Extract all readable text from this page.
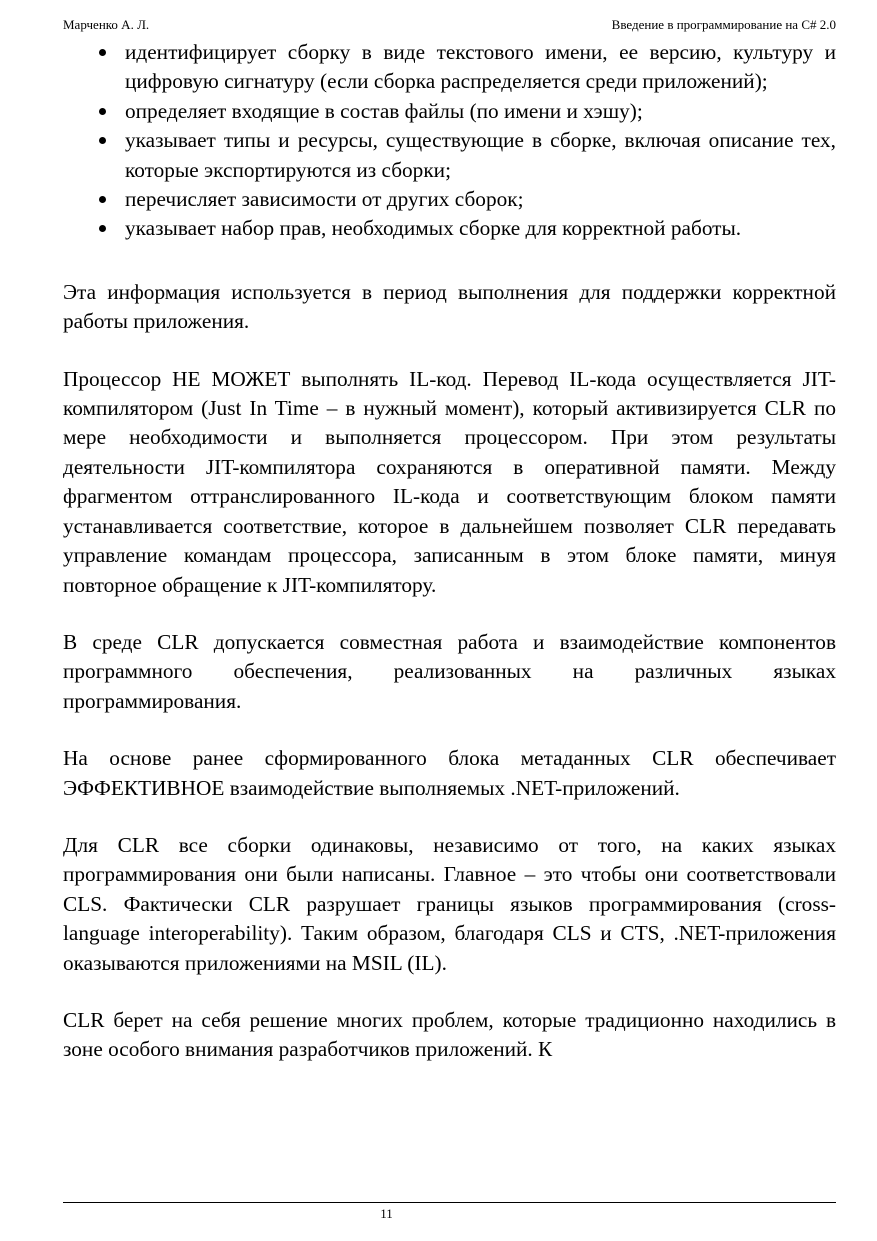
Марченко А. Л.	Введение в программирование на C# 2.0
идентифицирует сборку в виде текстового имени, ее версию, культуру и цифровую сигнатуру (если сборка распределяется среди приложений);
определяет входящие в состав файлы (по имени и хэшу);
указывает типы и ресурсы, существующие в сборке, включая описание тех, которые экспортируются из сборки;
перечисляет зависимости от других сборок;
указывает набор прав, необходимых сборке для корректной работы.

Эта информация используется в период выполнения для поддержки корректной работы приложения.

Процессор НЕ МОЖЕТ выполнять IL-код. Перевод IL-кода осуществляется JIT-компилятором (Just In Time – в нужный момент), который активизируется CLR по мере необходимости и выполняется процессором. При этом результаты деятельности JIT-компилятора сохраняются в оперативной памяти. Между фрагментом оттранслированного IL-кода и соответствующим блоком памяти устанавливается соответствие, которое в дальнейшем позволяет CLR передавать управление командам процессора, записанным в этом блоке памяти, минуя повторное обращение к JIT-компилятору.

В среде CLR допускается совместная работа и взаимодействие компонентов программного обеспечения, реализованных на различных языках программирования.

На основе ранее сформированного блока метаданных CLR обеспечивает ЭФФЕКТИВНОЕ взаимодействие выполняемых .NET-приложений.

Для CLR все сборки одинаковы, независимо от того, на каких языках программирования они были написаны. Главное – это чтобы они соответствовали CLS. Фактически CLR разрушает границы языков программирования (cross-language interoperability). Таким образом, благодаря CLS и CTS, .NET-приложения оказываются приложениями на MSIL (IL).

CLR берет на себя решение многих проблем, которые традиционно находились в зоне особого внимания разработчиков приложений. К

11
